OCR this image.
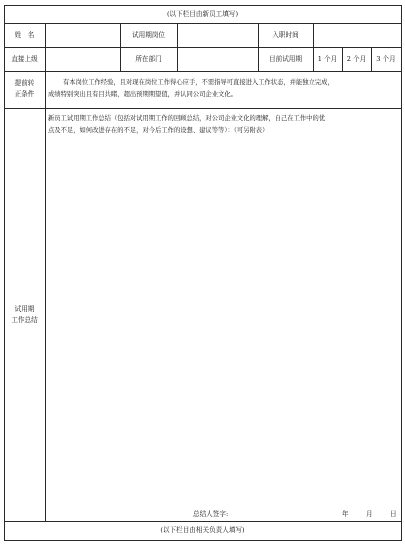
(以下栏目由新员工填写)
姓　名	试用期岗位	入职时间
直接上级	所在部门	目前试用期	1 个月	2 个月	3 个月
提前转
正条件
有本岗位工作经验，且对现在岗位工作得心应手，不需指导可直接进入工作状态，并能独立完成，
成绩特别突出且有目共睹，超出预期期望值，并认同公司企业文化。
试用期
工作总结
新员工试用期工作总结（包括对试用期工作的回顾总结，对公司企业文化的理解，自己在工作中的优
点及不足，如何改进存在的不足，对今后工作的设想、建议等等）：（可另附表）
总结人签字:	年	月	日
(以下栏目由相关负责人填写)
